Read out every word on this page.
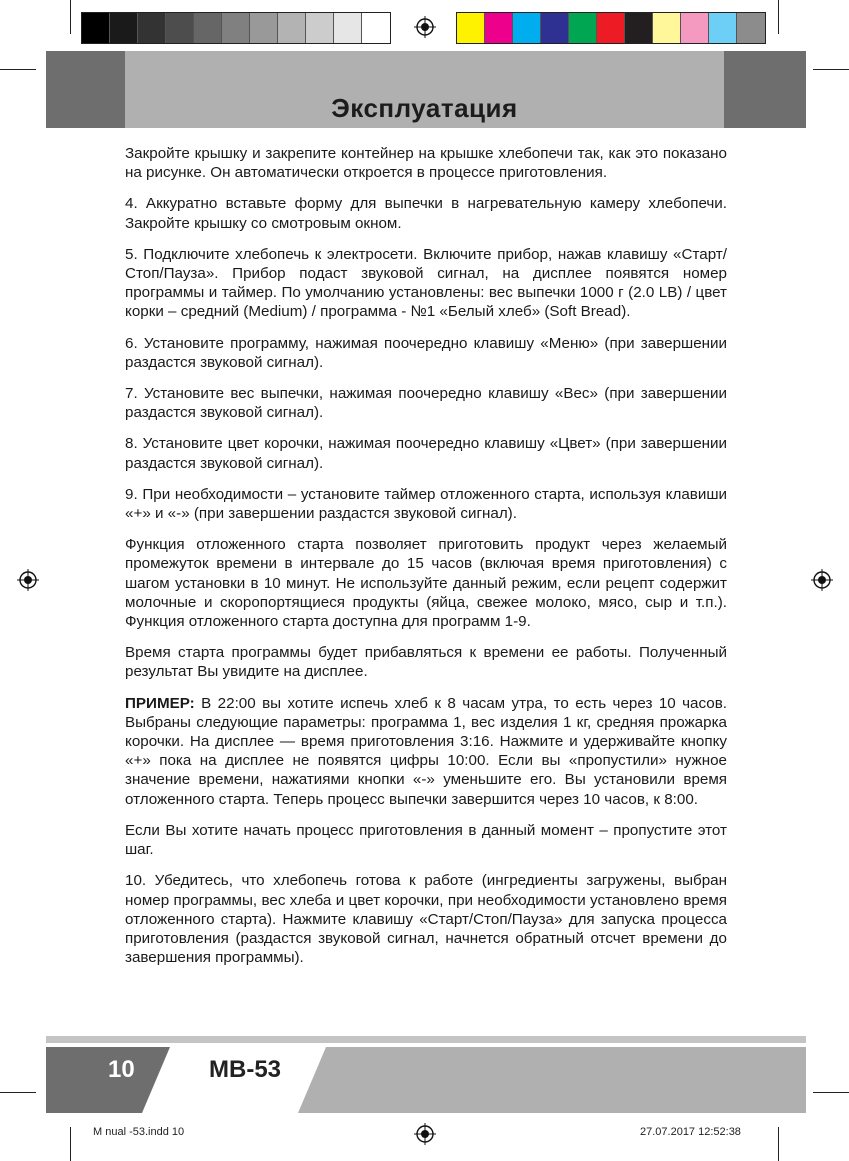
Эксплуатация

Закройте крышку и закрепите контейнер на крышке хлебопечи так, как это показано на рисунке. Он автоматически откроется в процессе приготовления.

4. Аккуратно вставьте форму для выпечки в нагревательную камеру хлебопечи. Закройте крышку со смотровым окном.

5. Подключите хлебопечь к электросети. Включите прибор, нажав клавишу «Старт/Стоп/Пауза». Прибор подаст звуковой сигнал, на дисплее появятся номер программы и таймер. По умолчанию установлены: вес выпечки 1000 г (2.0 LB) / цвет корки – средний (Medium) / программа - №1 «Белый хлеб» (Soft Bread).

6. Установите программу, нажимая поочередно клавишу «Меню» (при завершении раздастся звуковой сигнал).

7. Установите вес выпечки, нажимая поочередно клавишу «Вес» (при завершении раздастся звуковой сигнал).

8. Установите цвет корочки, нажимая поочередно клавишу «Цвет» (при завершении раздастся звуковой сигнал).

9. При необходимости – установите таймер отложенного старта, используя клавиши «+» и «-» (при завершении раздастся звуковой сигнал).

Функция отложенного старта позволяет приготовить продукт через желаемый промежуток времени в интервале до 15 часов (включая время приготовления) с шагом установки в 10 минут. Не используйте данный режим, если рецепт содержит молочные и скоропортящиеся продукты (яйца, свежее молоко, мясо, сыр и т.п.). Функция отложенного старта доступна для программ 1-9.

Время старта программы будет прибавляться к времени ее работы. Полученный результат Вы увидите на дисплее.

ПРИМЕР: В 22:00 вы хотите испечь хлеб к 8 часам утра, то есть через 10 часов. Выбраны следующие параметры: программа 1, вес изделия 1 кг, средняя прожарка корочки. На дисплее — время приготовления 3:16. Нажмите и удерживайте кнопку «+» пока на дисплее не появятся цифры 10:00. Если вы «пропустили» нужное значение времени, нажатиями кнопки «-» уменьшите его. Вы установили время отложенного старта. Теперь процесс выпечки завершится через 10 часов, к 8:00.

Если Вы хотите начать процесс приготовления в данный момент – пропустите этот шаг.

10. Убедитесь, что хлебопечь готова к работе (ингредиенты загружены, выбран номер программы, вес хлеба и цвет корочки, при необходимости установлено время отложенного старта). Нажмите клавишу «Старт/Стоп/Пауза» для запуска процесса приготовления (раздастся звуковой сигнал, начнется обратный отсчет времени до завершения программы).

10	MB-53
M nual -53.indd 10	27.07.2017 12:52:38
